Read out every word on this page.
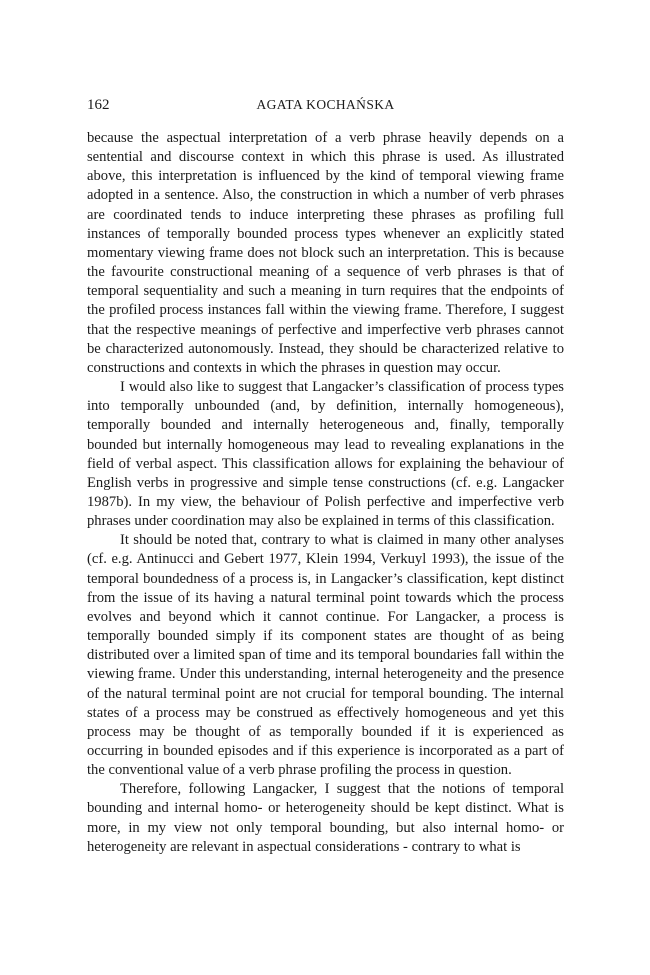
162	AGATA KOCHAŃSKA

because the aspectual interpretation of a verb phrase heavily depends on a sentential and discourse context in which this phrase is used. As illustrated above, this interpretation is influenced by the kind of temporal viewing frame adopted in a sentence. Also, the construction in which a number of verb phrases are coordinated tends to induce interpreting these phrases as profiling full instances of temporally bounded process types whenever an explicitly stated momentary viewing frame does not block such an interpretation. This is because the favourite constructional meaning of a sequence of verb phrases is that of temporal sequentiality and such a meaning in turn requires that the endpoints of the profiled process instances fall within the viewing frame. Therefore, I suggest that the respective meanings of perfective and imperfective verb phrases cannot be characterized autonomously. Instead, they should be characterized relative to constructions and contexts in which the phrases in question may occur.

I would also like to suggest that Langacker’s classification of process types into temporally unbounded (and, by definition, internally homogeneous), temporally bounded and internally heterogeneous and, finally, temporally bounded but internally homogeneous may lead to revealing explanations in the field of verbal aspect. This classification allows for explaining the behaviour of English verbs in progressive and simple tense constructions (cf. e.g. Langacker 1987b). In my view, the behaviour of Polish perfective and imperfective verb phrases under coordination may also be explained in terms of this classification.

It should be noted that, contrary to what is claimed in many other analyses (cf. e.g. Antinucci and Gebert 1977, Klein 1994, Verkuyl 1993), the issue of the temporal boundedness of a process is, in Langacker’s classification, kept distinct from the issue of its having a natural terminal point towards which the process evolves and beyond which it cannot continue. For Langacker, a process is temporally bounded simply if its component states are thought of as being distributed over a limited span of time and its temporal boundaries fall within the viewing frame. Under this understanding, internal heterogeneity and the presence of the natural terminal point are not crucial for temporal bounding. The internal states of a process may be construed as effectively homogeneous and yet this process may be thought of as temporally bounded if it is experienced as occurring in bounded episodes and if this experience is incorporated as a part of the conventional value of a verb phrase profiling the process in question.

Therefore, following Langacker, I suggest that the notions of temporal bounding and internal homo- or heterogeneity should be kept distinct. What is more, in my view not only temporal bounding, but also internal homo- or heterogeneity are relevant in aspectual considerations - contrary to what is
